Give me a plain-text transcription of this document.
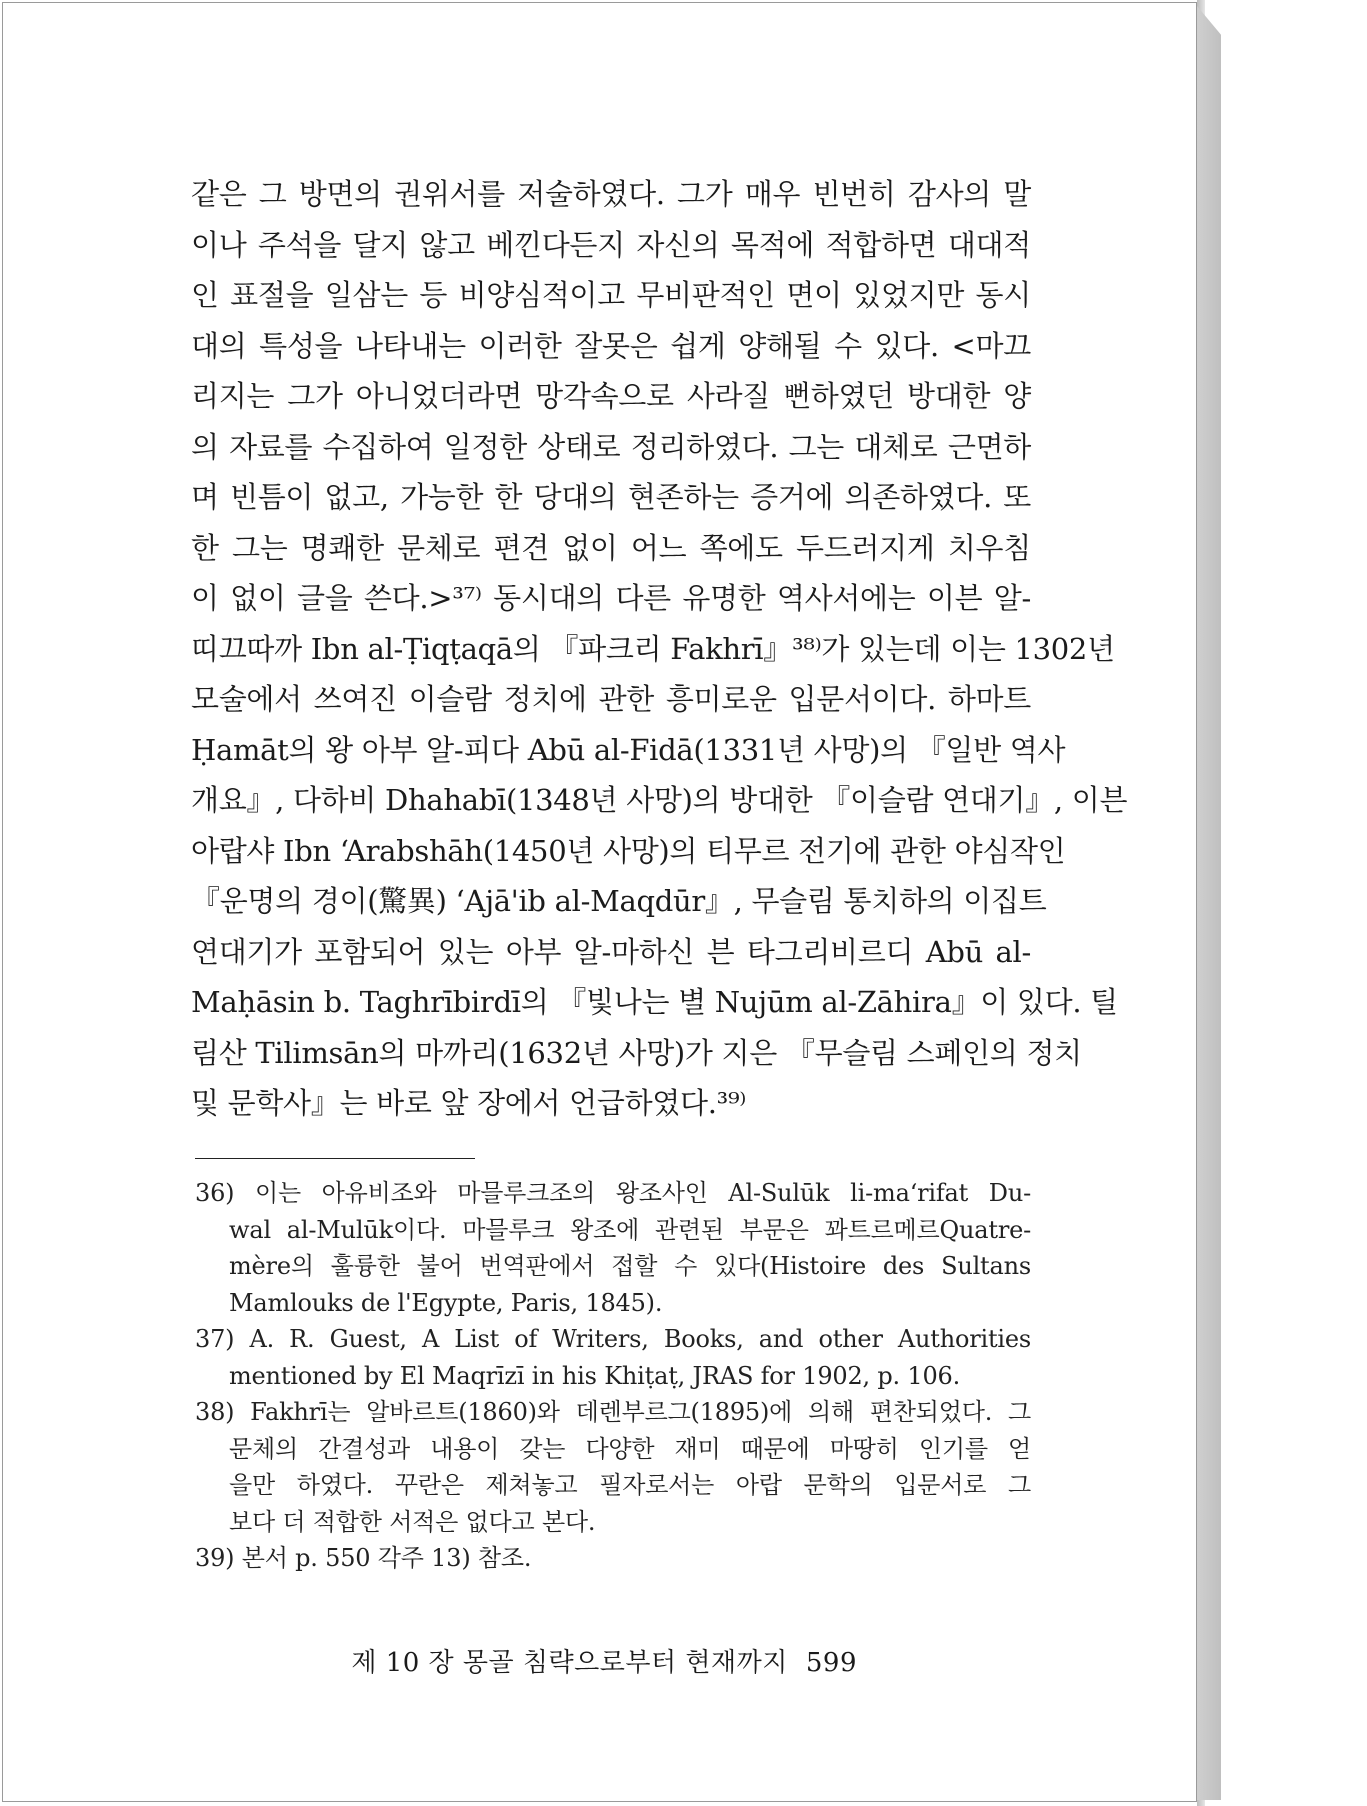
같은 그 방면의 권위서를 저술하였다. 그가 매우 빈번히 감사의 말
이나 주석을 달지 않고 베낀다든지 자신의 목적에 적합하면 대대적
인 표절을 일삼는 등 비양심적이고 무비판적인 면이 있었지만 동시
대의 특성을 나타내는 이러한 잘못은 쉽게 양해될 수 있다. <마끄
리지는 그가 아니었더라면 망각속으로 사라질 뻔하였던 방대한 양
의 자료를 수집하여 일정한 상태로 정리하였다. 그는 대체로 근면하
며 빈틈이 없고, 가능한 한 당대의 현존하는 증거에 의존하였다. 또
한 그는 명쾌한 문체로 편견 없이 어느 쪽에도 두드러지게 치우침
이 없이 글을 쓴다.>³⁷⁾ 동시대의 다른 유명한 역사서에는 이븐 알-
띠끄따까 Ibn al-Ṭiqṭaqā의 『파크리 Fakhrī』³⁸⁾가 있는데 이는 1302년
모술에서 쓰여진 이슬람 정치에 관한 흥미로운 입문서이다. 하마트
Ḥamāt의 왕 아부 알-피다 Abū al-Fidā(1331년 사망)의 『일반 역사
개요』, 다하비 Dhahabī(1348년 사망)의 방대한 『이슬람 연대기』, 이븐
아랍샤 Ibn ʻArabshāh(1450년 사망)의 티무르 전기에 관한 야심작인
『운명의 경이(驚異) ʻAjā'ib al-Maqdūr』, 무슬림 통치하의 이집트
연대기가 포함되어 있는 아부 알-마하신 븐 타그리비르디 Abū al-
Maḥāsin b. Taghrībirdī의 『빛나는 별 Nujūm al-Zāhira』이 있다. 틸
림산 Tilimsān의 마까리(1632년 사망)가 지은 『무슬림 스페인의 정치
및 문학사』는 바로 앞 장에서 언급하였다.³⁹⁾
36) 이는 아유비조와 마믈루크조의 왕조사인 Al-Sulūk li-maʻrifat Du-
wal al-Mulūk이다. 마믈루크 왕조에 관련된 부문은 꽈트르메르Quatre-
mère의 훌륭한 불어 번역판에서 접할 수 있다(Histoire des Sultans
Mamlouks de l'Egypte, Paris, 1845).
37) A. R. Guest, A List of Writers, Books, and other Authorities
mentioned by El Maqrīzī in his Khiṭaṭ, JRAS for 1902, p. 106.
38) Fakhrī는 알바르트(1860)와 데렌부르그(1895)에 의해 편찬되었다. 그
문체의 간결성과 내용이 갖는 다양한 재미 때문에 마땅히 인기를 얻
을만 하였다. 꾸란은 제쳐놓고 필자로서는 아랍 문학의 입문서로 그
보다 더 적합한 서적은 없다고 본다.
39) 본서 p. 550 각주 13) 참조.
제 10 장 몽골 침략으로부터 현재까지 599
